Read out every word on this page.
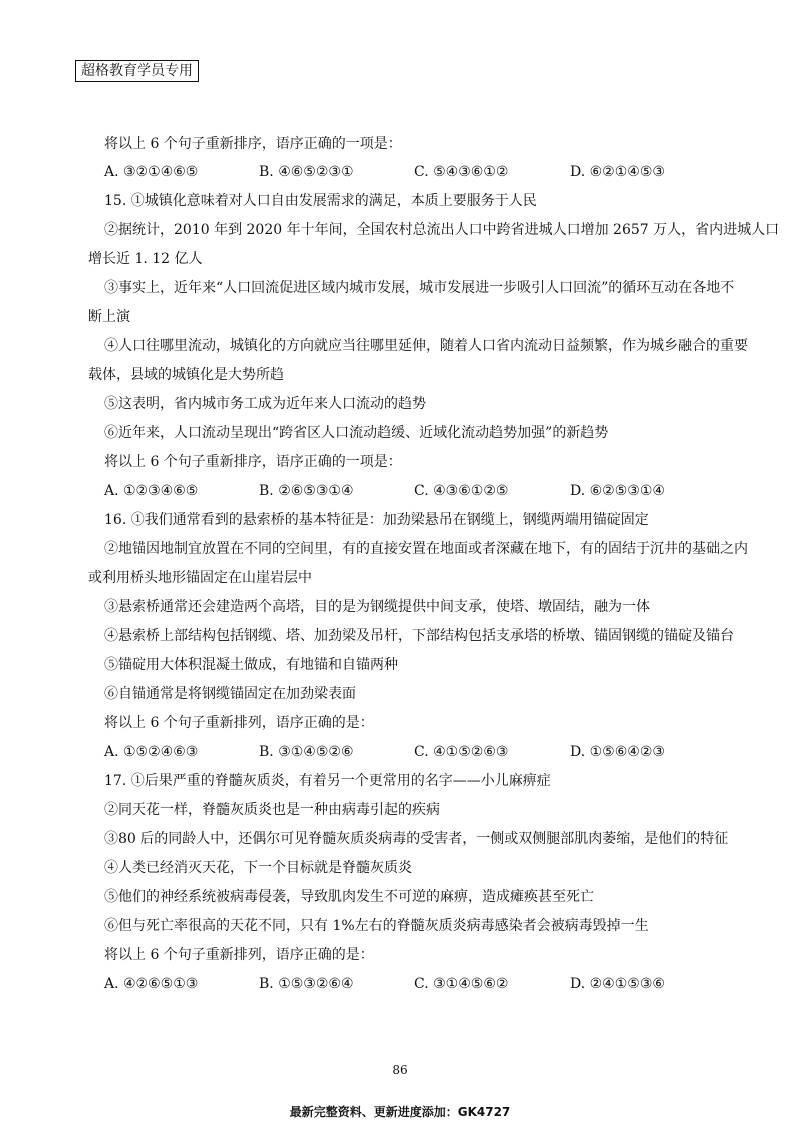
超格教育学员专用
将以上 6 个句子重新排序，语序正确的一项是：
A. ③②①④⑥⑤	B. ④⑥⑤②③①	C. ⑤④③⑥①②	D. ⑥②①④⑤③
15. ①城镇化意味着对人口自由发展需求的满足，本质上要服务于人民
②据统计，2010 年到 2020 年十年间，全国农村总流出人口中跨省进城人口增加 2657 万人，省内进城人口
增长近 1. 12 亿人
③事实上，近年来“人口回流促进区域内城市发展，城市发展进一步吸引人口回流”的循环互动在各地不
断上演
④人口往哪里流动，城镇化的方向就应当往哪里延伸，随着人口省内流动日益频繁，作为城乡融合的重要
载体，县域的城镇化是大势所趋
⑤这表明，省内城市务工成为近年来人口流动的趋势
⑥近年来，人口流动呈现出“跨省区人口流动趋缓、近域化流动趋势加强”的新趋势
将以上 6 个句子重新排序，语序正确的一项是：
A. ①②③④⑥⑤	B. ②⑥⑤③①④	C. ④③⑥①②⑤	D. ⑥②⑤③①④
16. ①我们通常看到的悬索桥的基本特征是：加劲梁悬吊在钢缆上，钢缆两端用锚碇固定
②地锚因地制宜放置在不同的空间里，有的直接安置在地面或者深藏在地下，有的固结于沉井的基础之内
或利用桥头地形锚固定在山崖岩层中
③悬索桥通常还会建造两个高塔，目的是为钢缆提供中间支承，使塔、墩固结，融为一体
④悬索桥上部结构包括钢缆、塔、加劲梁及吊杆，下部结构包括支承塔的桥墩、锚固钢缆的锚碇及锚台
⑤锚碇用大体积混凝土做成，有地锚和自锚两种
⑥自锚通常是将钢缆锚固定在加劲梁表面
将以上 6 个句子重新排列，语序正确的是：
A. ①⑤②④⑥③	B. ③①④⑤②⑥	C. ④①⑤②⑥③	D. ①⑤⑥④②③
17. ①后果严重的脊髓灰质炎，有着另一个更常用的名字——小儿麻痹症
②同天花一样，脊髓灰质炎也是一种由病毒引起的疾病
③80 后的同龄人中，还偶尔可见脊髓灰质炎病毒的受害者，一侧或双侧腿部肌肉萎缩，是他们的特征
④人类已经消灭天花，下一个目标就是脊髓灰质炎
⑤他们的神经系统被病毒侵袭，导致肌肉发生不可逆的麻痹，造成瘫痪甚至死亡
⑥但与死亡率很高的天花不同，只有 1%左右的脊髓灰质炎病毒感染者会被病毒毁掉一生
将以上 6 个句子重新排列，语序正确的是：
A. ④②⑥⑤①③	B. ①⑤③②⑥④	C. ③①④⑤⑥②	D. ②④①⑤③⑥
86
最新完整资料、更新进度添加：GK4727
